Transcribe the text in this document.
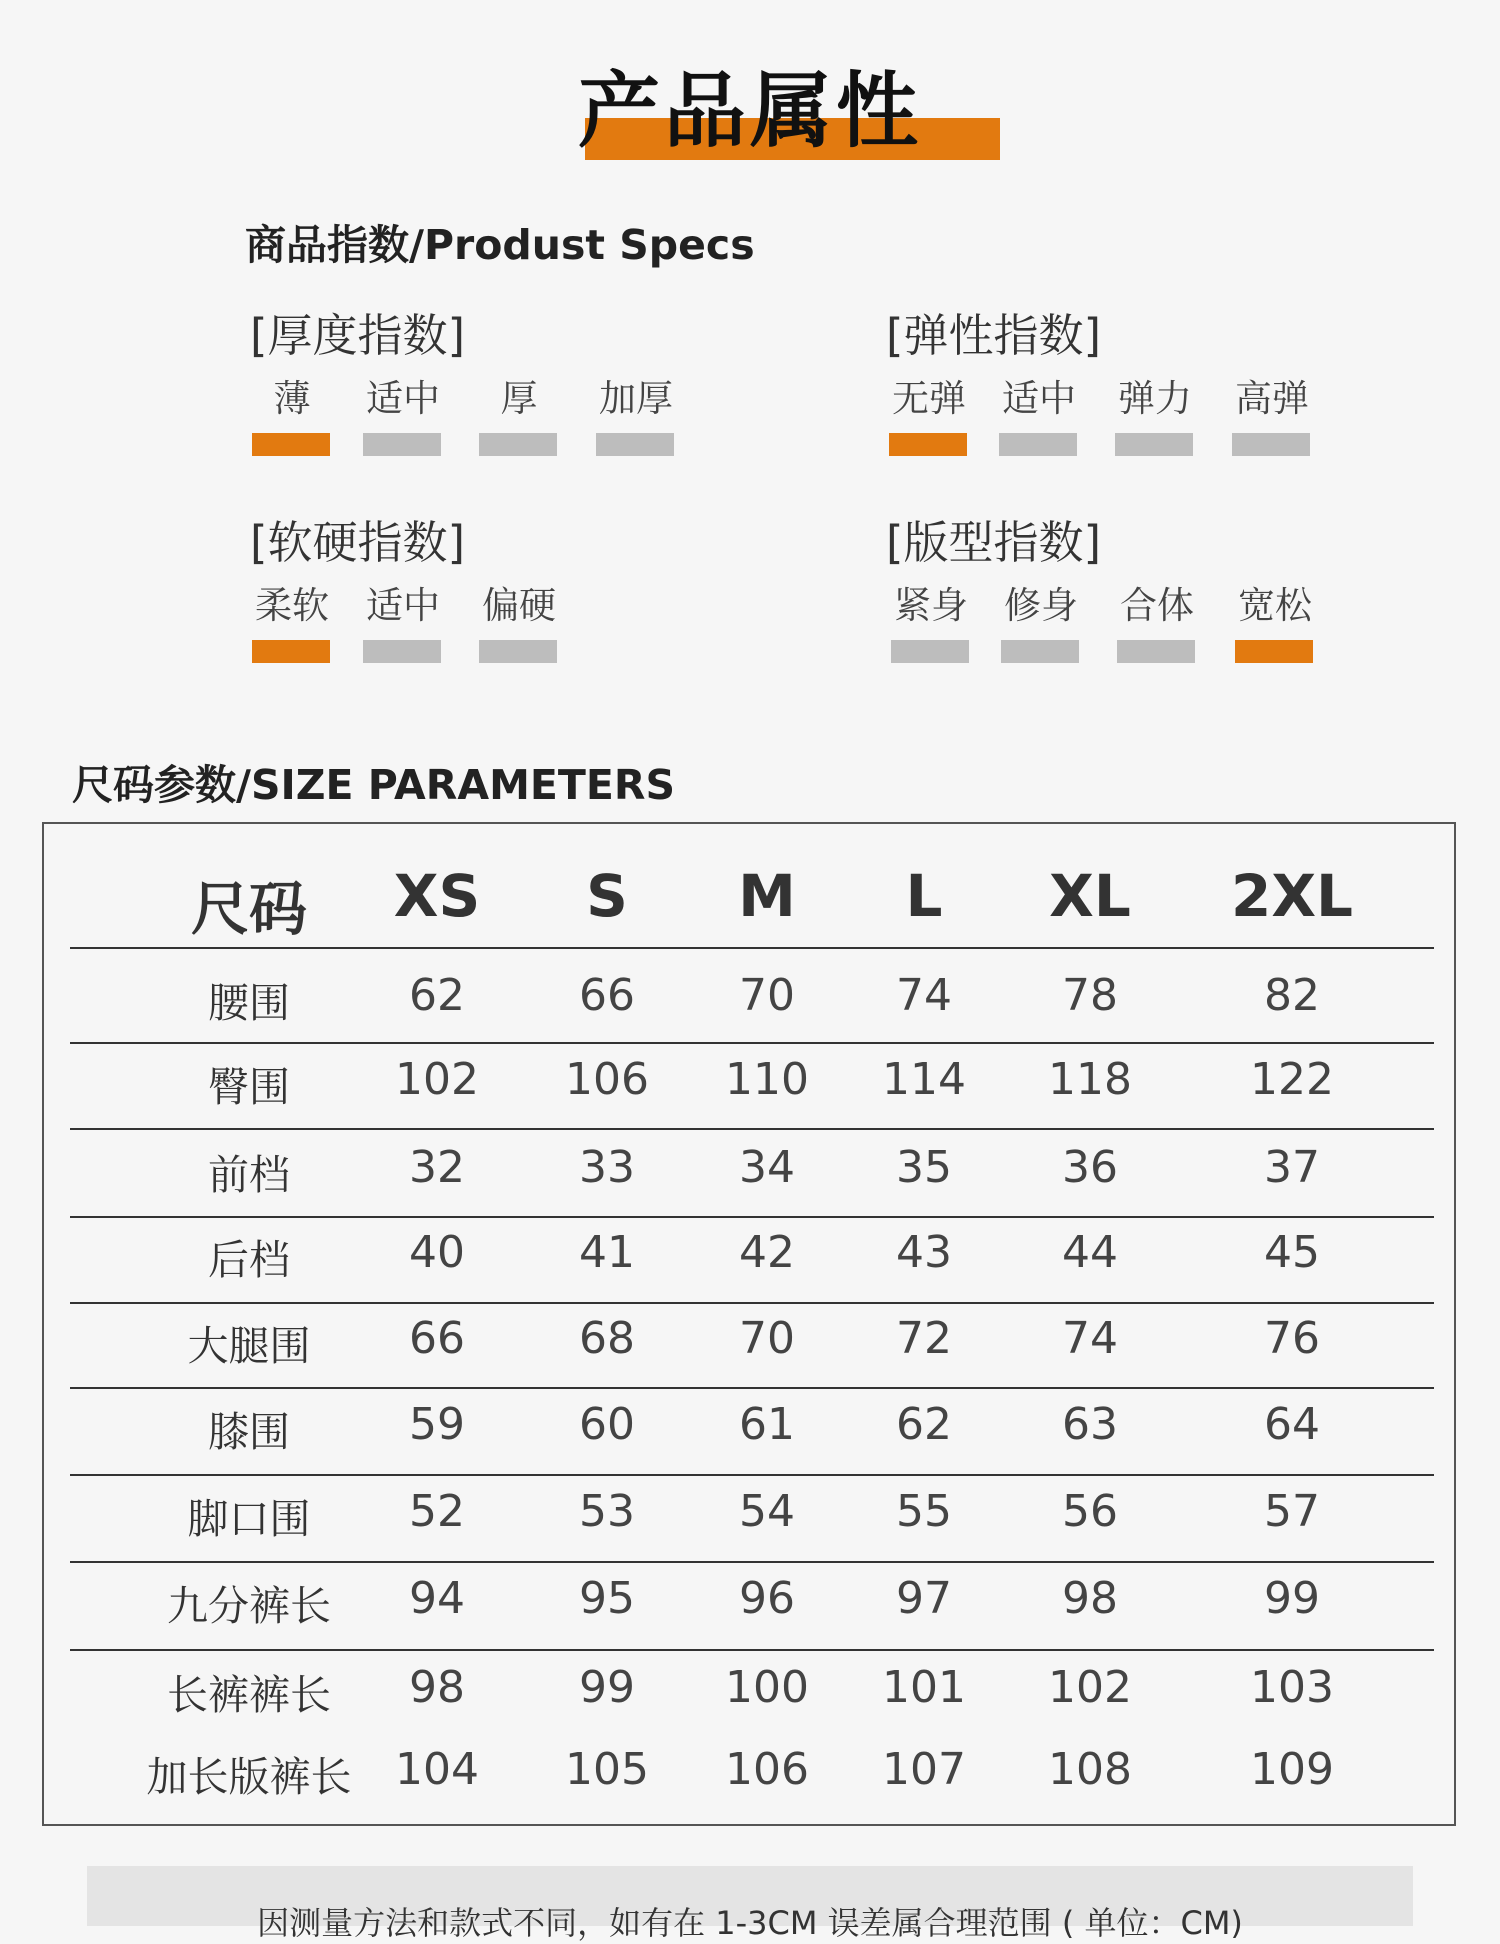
产品属性
商品指数/Produst Specs
[厚度指数]
薄	适中	厚	加厚
[弹性指数]
无弹 适中	弹力	高弹
[软硬指数]
柔软	适中	偏硬
[版型指数]
紧身 修身	合体	宽松
尺码参数/SIZE PARAMETERS
尺码 XS S M L XL 2XL
腰围	62	66 70 74	78	82
臀围 102 106 110 114 118	122
前档	32	33 34 35	36	37
后档	40	41 42 43	44	45
大腿围 66	68 70 72	74	76
膝围	59	60 61 62	63	64
脚口围 52	53 54 55	56	57
九分裤长 94	95 96 97	98	99
长裤裤长 98	99 100 101 102	103
加长版裤长 104 105 106 107 108	109
因测量方法和款式不同，如有在 1-3CM 误差属合理范围 ( 单位：CM)
